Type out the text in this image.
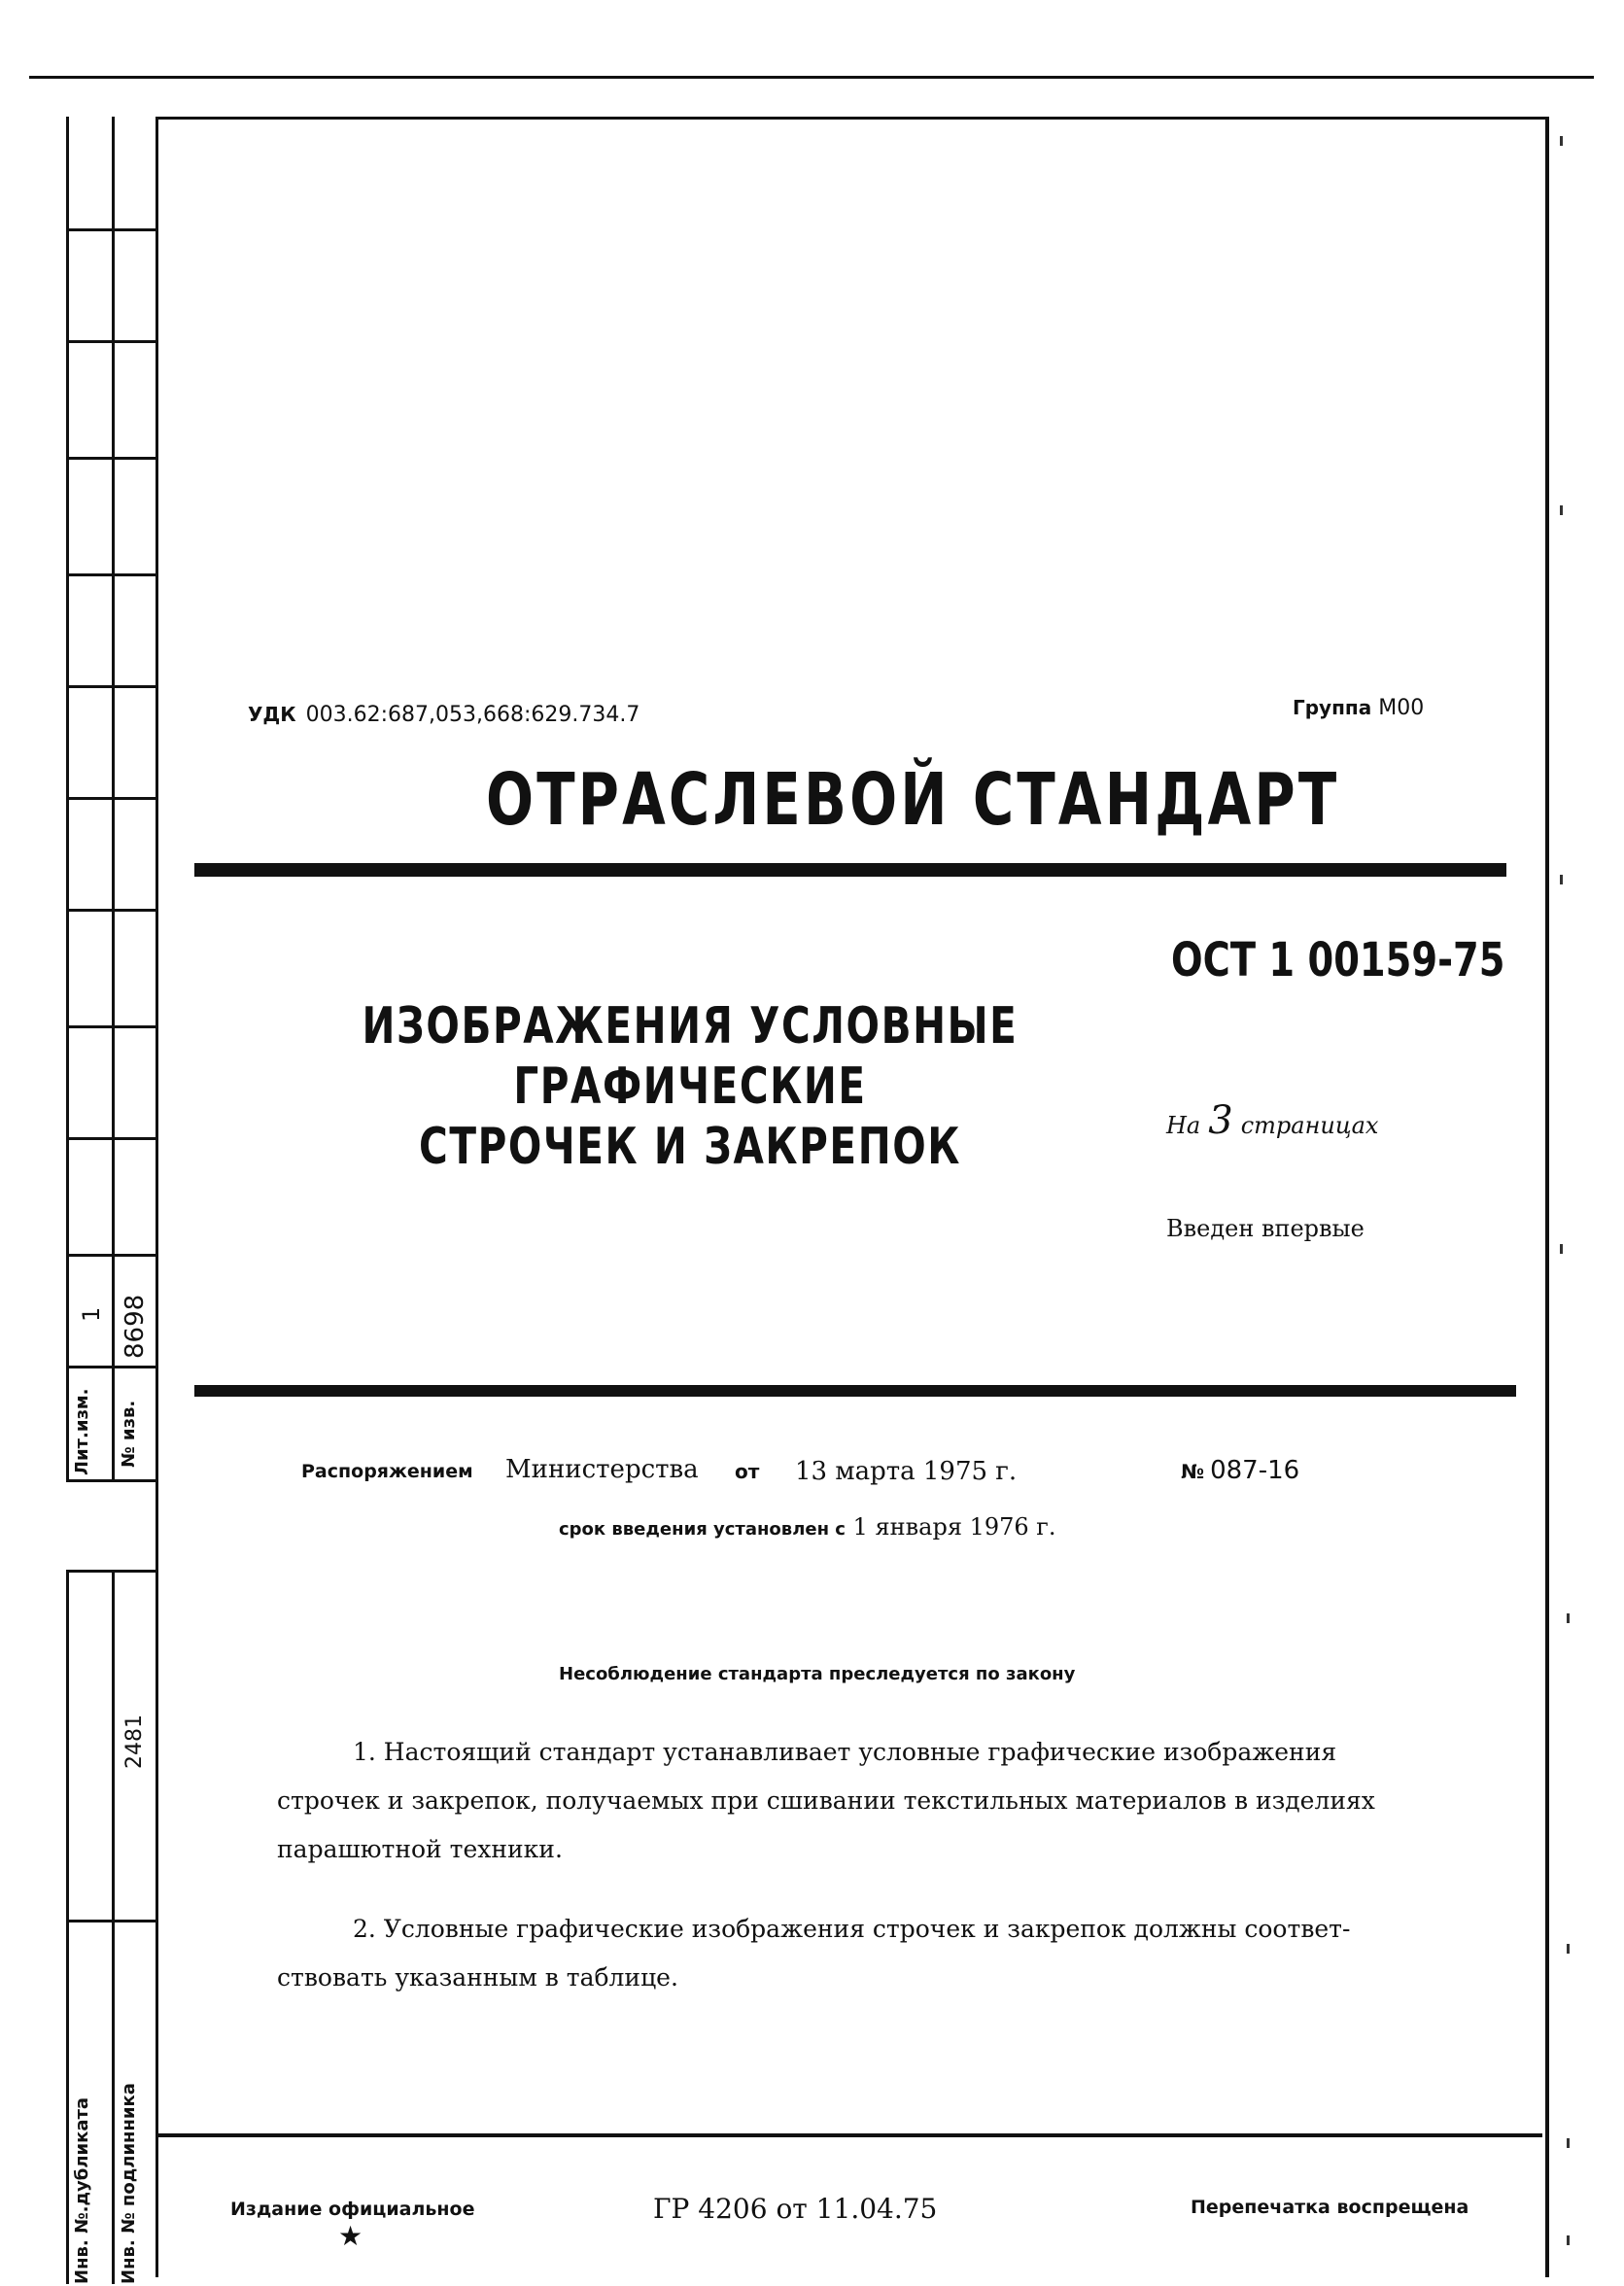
1 8698
Лит.изм. № изв.
2481
Инв. №.дубликата Инв. № подлинника
УДК 003.62:687,053,668:629.734.7	Группа М00
ОТРАСЛЕВОЙ СТАНДАРТ
ОСТ 1 00159-75
ИЗОБРАЖЕНИЯ УСЛОВНЫЕ ГРАФИЧЕСКИЕ
СТРОЧЕК И ЗАКРЕПОК	На 3 страницах
Введен впервые
Распоряжением Министерства от 13 марта 1975 г.	№ 087-16
срок введения установлен с 1 января 1976 г.
Несоблюдение стандарта преследуется по закону
1. Настоящий стандарт устанавливает условные графические изображения
строчек и закрепок, получаемых при сшивании текстильных материалов в изделиях
парашютной техники.
2. Условные графические изображения строчек и закрепок должны соответ-
ствовать указанным в таблице.
Издание официальное
★
ГР 4206 от 11.04.75	Перепечатка воспрещена
